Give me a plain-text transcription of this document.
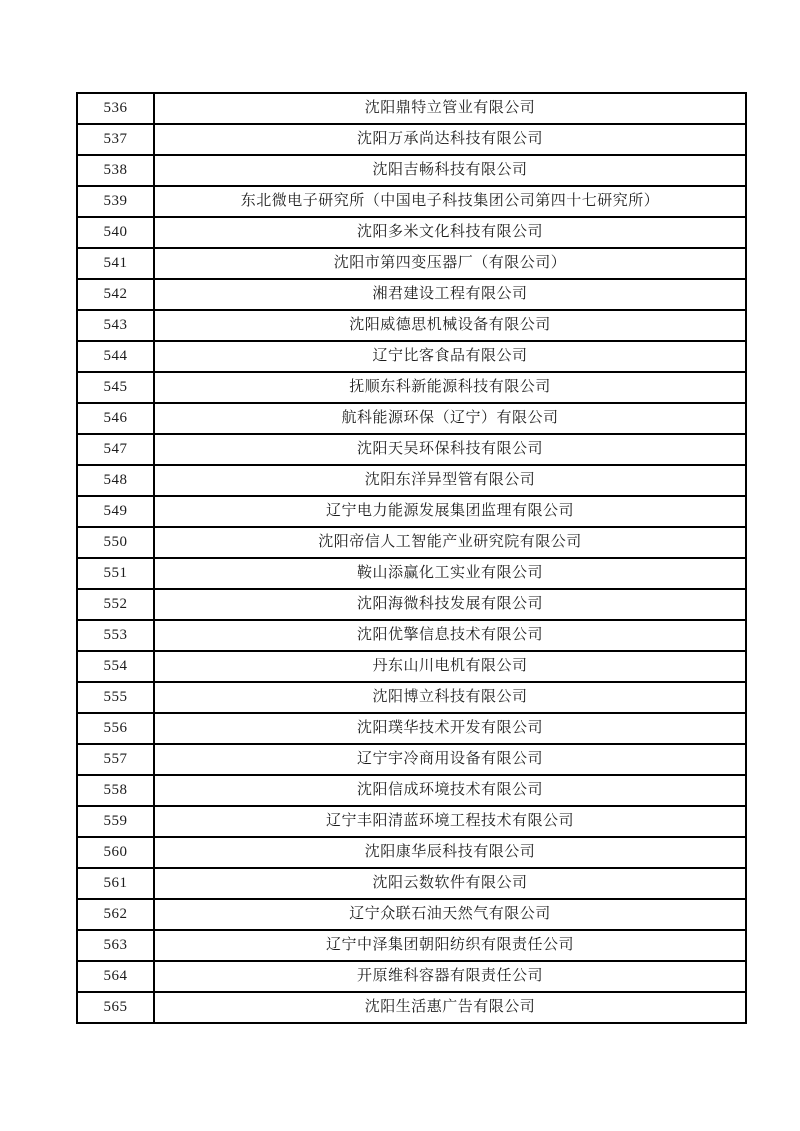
536	沈阳鼎特立管业有限公司
537	沈阳万承尚达科技有限公司
538	沈阳吉畅科技有限公司
539	东北微电子研究所（中国电子科技集团公司第四十七研究所）
540	沈阳多米文化科技有限公司
541	沈阳市第四变压器厂（有限公司）
542	湘君建设工程有限公司
543	沈阳威德思机械设备有限公司
544	辽宁比客食品有限公司
545	抚顺东科新能源科技有限公司
546	航科能源环保（辽宁）有限公司
547	沈阳天吴环保科技有限公司
548	沈阳东洋异型管有限公司
549	辽宁电力能源发展集团监理有限公司
550	沈阳帝信人工智能产业研究院有限公司
551	鞍山添赢化工实业有限公司
552	沈阳海微科技发展有限公司
553	沈阳优擎信息技术有限公司
554	丹东山川电机有限公司
555	沈阳博立科技有限公司
556	沈阳璞华技术开发有限公司
557	辽宁宇冷商用设备有限公司
558	沈阳信成环境技术有限公司
559	辽宁丰阳清蓝环境工程技术有限公司
560	沈阳康华辰科技有限公司
561	沈阳云数软件有限公司
562	辽宁众联石油天然气有限公司
563	辽宁中泽集团朝阳纺织有限责任公司
564	开原维科容器有限责任公司
565	沈阳生活惠广告有限公司
